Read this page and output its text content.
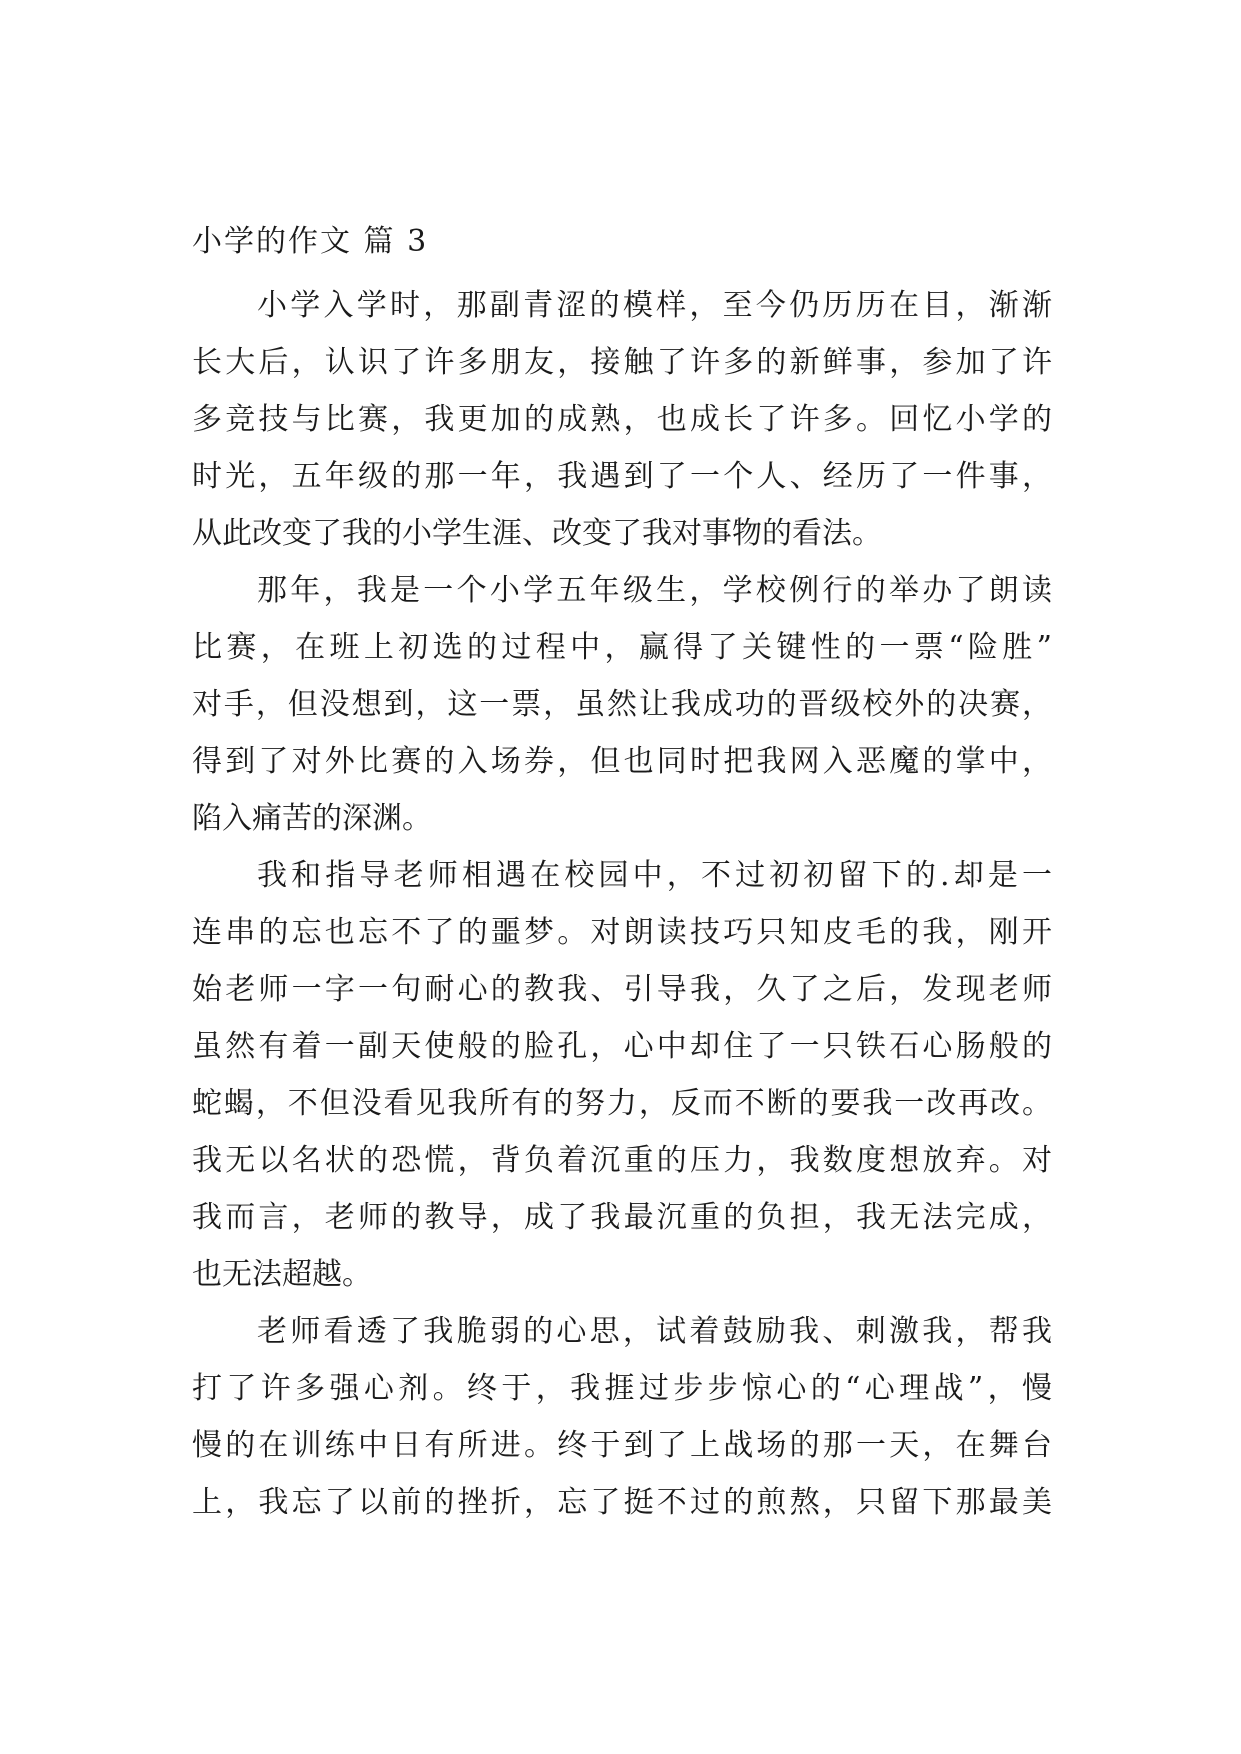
小学的作文 篇 3
小学入学时，那副青涩的模样，至今仍历历在目，渐渐
长大后，认识了许多朋友，接触了许多的新鲜事，参加了许
多竞技与比赛，我更加的成熟，也成长了许多。回忆小学的
时光，五年级的那一年，我遇到了一个人、经历了一件事，
从此改变了我的小学生涯、改变了我对事物的看法。
那年，我是一个小学五年级生，学校例行的举办了朗读
比赛，在班上初选的过程中，赢得了关键性的一票“险胜”
对手，但没想到，这一票，虽然让我成功的晋级校外的决赛，
得到了对外比赛的入场券，但也同时把我网入恶魔的掌中，
陷入痛苦的深渊。
我和指导老师相遇在校园中，不过初初留下的.却是一
连串的忘也忘不了的噩梦。对朗读技巧只知皮毛的我，刚开
始老师一字一句耐心的教我、引导我，久了之后，发现老师
虽然有着一副天使般的脸孔，心中却住了一只铁石心肠般的
蛇蝎，不但没看见我所有的努力，反而不断的要我一改再改。
我无以名状的恐慌，背负着沉重的压力，我数度想放弃。对
我而言，老师的教导，成了我最沉重的负担，我无法完成，
也无法超越。
老师看透了我脆弱的心思，试着鼓励我、刺激我，帮我
打了许多强心剂。终于，我捱过步步惊心的“心理战”，慢
慢的在训练中日有所进。终于到了上战场的那一天，在舞台
上，我忘了以前的挫折，忘了挺不过的煎熬，只留下那最美
